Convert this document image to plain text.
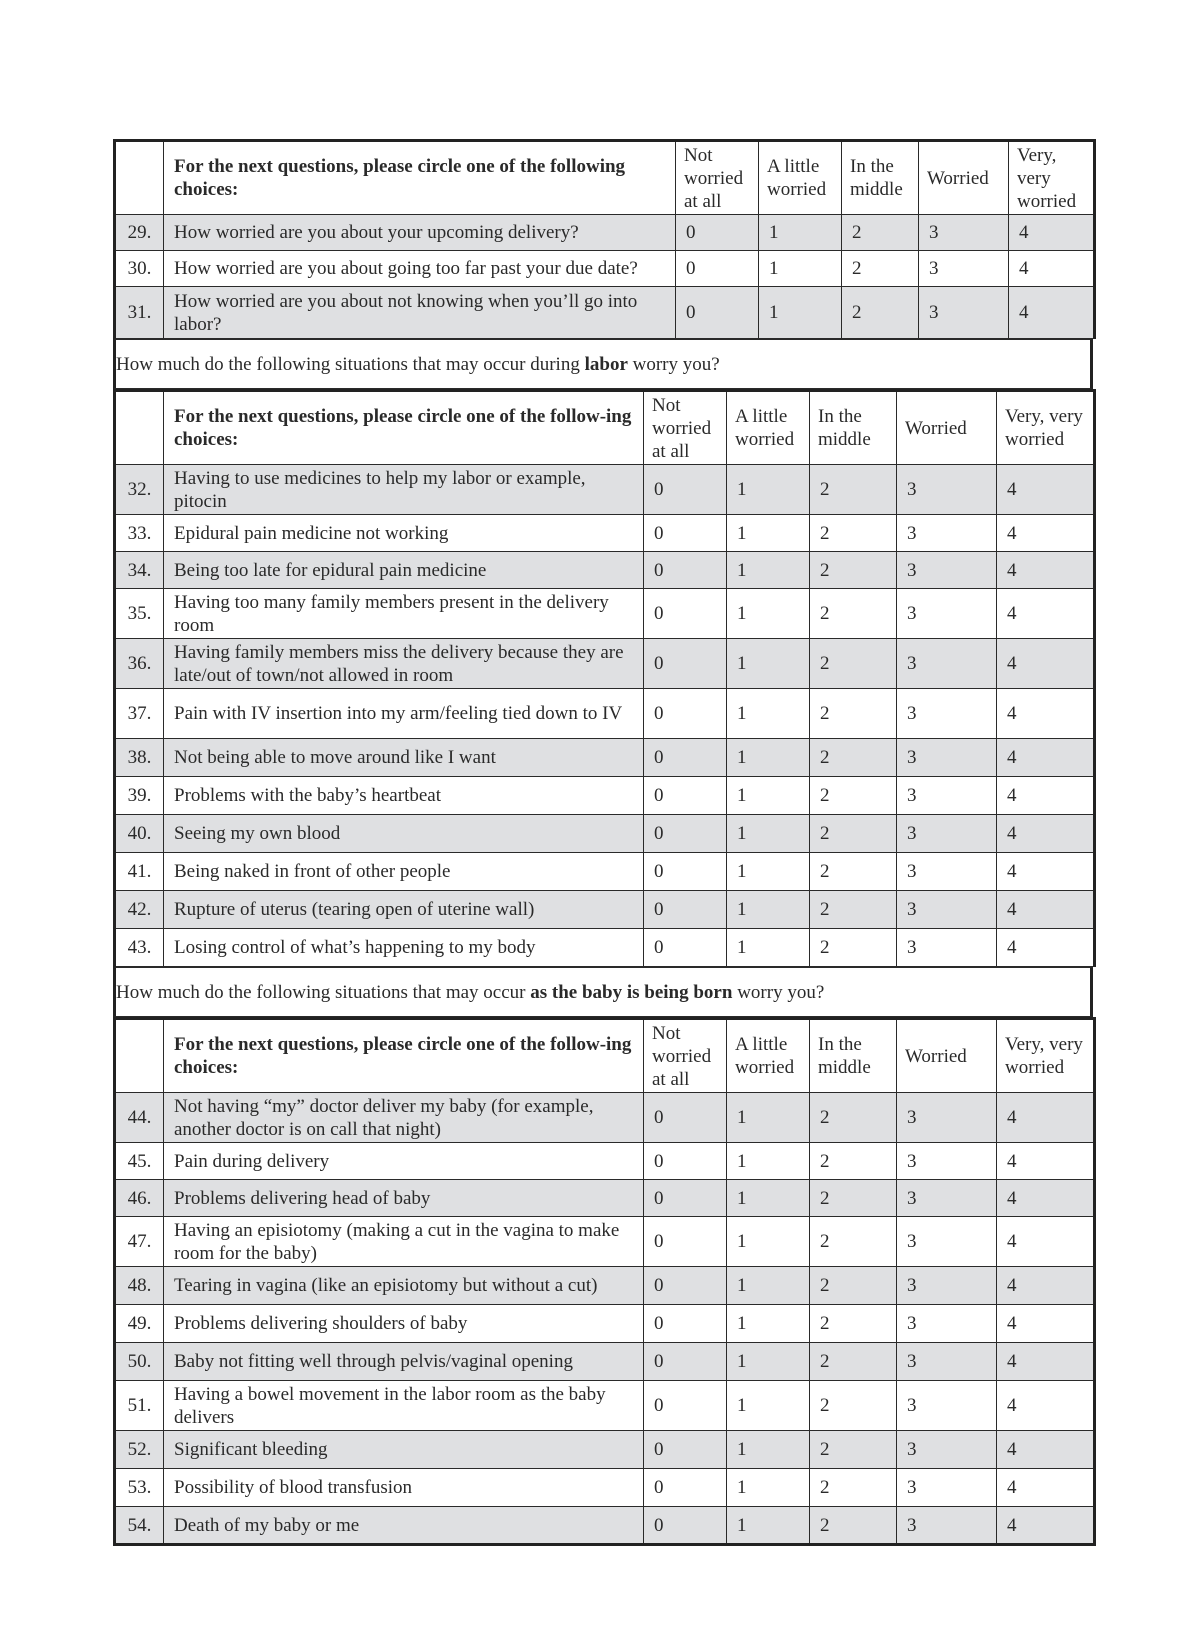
	For the next questions, please circle one of the following choices:	Not worried at all	A little worried	In the middle	Worried	Very, very worried
29.	How worried are you about your upcoming delivery?	0	1	2	3	4
30.	How worried are you about going too far past your due date?	0	1	2	3	4
31.	How worried are you about not knowing when you’ll go into labor?	0	1	2	3	4
How much do the following situations that may occur during labor worry you?
	For the next questions, please circle one of the follow-ing choices:	Not worried at all	A little worried	In the middle	Worried	Very, very worried
32.	Having to use medicines to help my labor or example, pitocin	0	1	2	3	4
33.	Epidural pain medicine not working	0	1	2	3	4
34.	Being too late for epidural pain medicine	0	1	2	3	4
35.	Having too many family members present in the delivery room	0	1	2	3	4
36.	Having family members miss the delivery because they are late/out of town/not allowed in room	0	1	2	3	4
37.	Pain with IV insertion into my arm/feeling tied down to IV	0	1	2	3	4
38.	Not being able to move around like I want	0	1	2	3	4
39.	Problems with the baby’s heartbeat	0	1	2	3	4
40.	Seeing my own blood	0	1	2	3	4
41.	Being naked in front of other people	0	1	2	3	4
42.	Rupture of uterus (tearing open of uterine wall)	0	1	2	3	4
43.	Losing control of what’s happening to my body	0	1	2	3	4
How much do the following situations that may occur as the baby is being born worry you?
	For the next questions, please circle one of the follow-ing choices:	Not worried at all	A little worried	In the middle	Worried	Very, very worried
44.	Not having “my” doctor deliver my baby (for example, another doctor is on call that night)	0	1	2	3	4
45.	Pain during delivery	0	1	2	3	4
46.	Problems delivering head of baby	0	1	2	3	4
47.	Having an episiotomy (making a cut in the vagina to make room for the baby)	0	1	2	3	4
48.	Tearing in vagina (like an episiotomy but without a cut)	0	1	2	3	4
49.	Problems delivering shoulders of baby	0	1	2	3	4
50.	Baby not fitting well through pelvis/vaginal opening	0	1	2	3	4
51.	Having a bowel movement in the labor room as the baby delivers	0	1	2	3	4
52.	Significant bleeding	0	1	2	3	4
53.	Possibility of blood transfusion	0	1	2	3	4
54.	Death of my baby or me	0	1	2	3	4
